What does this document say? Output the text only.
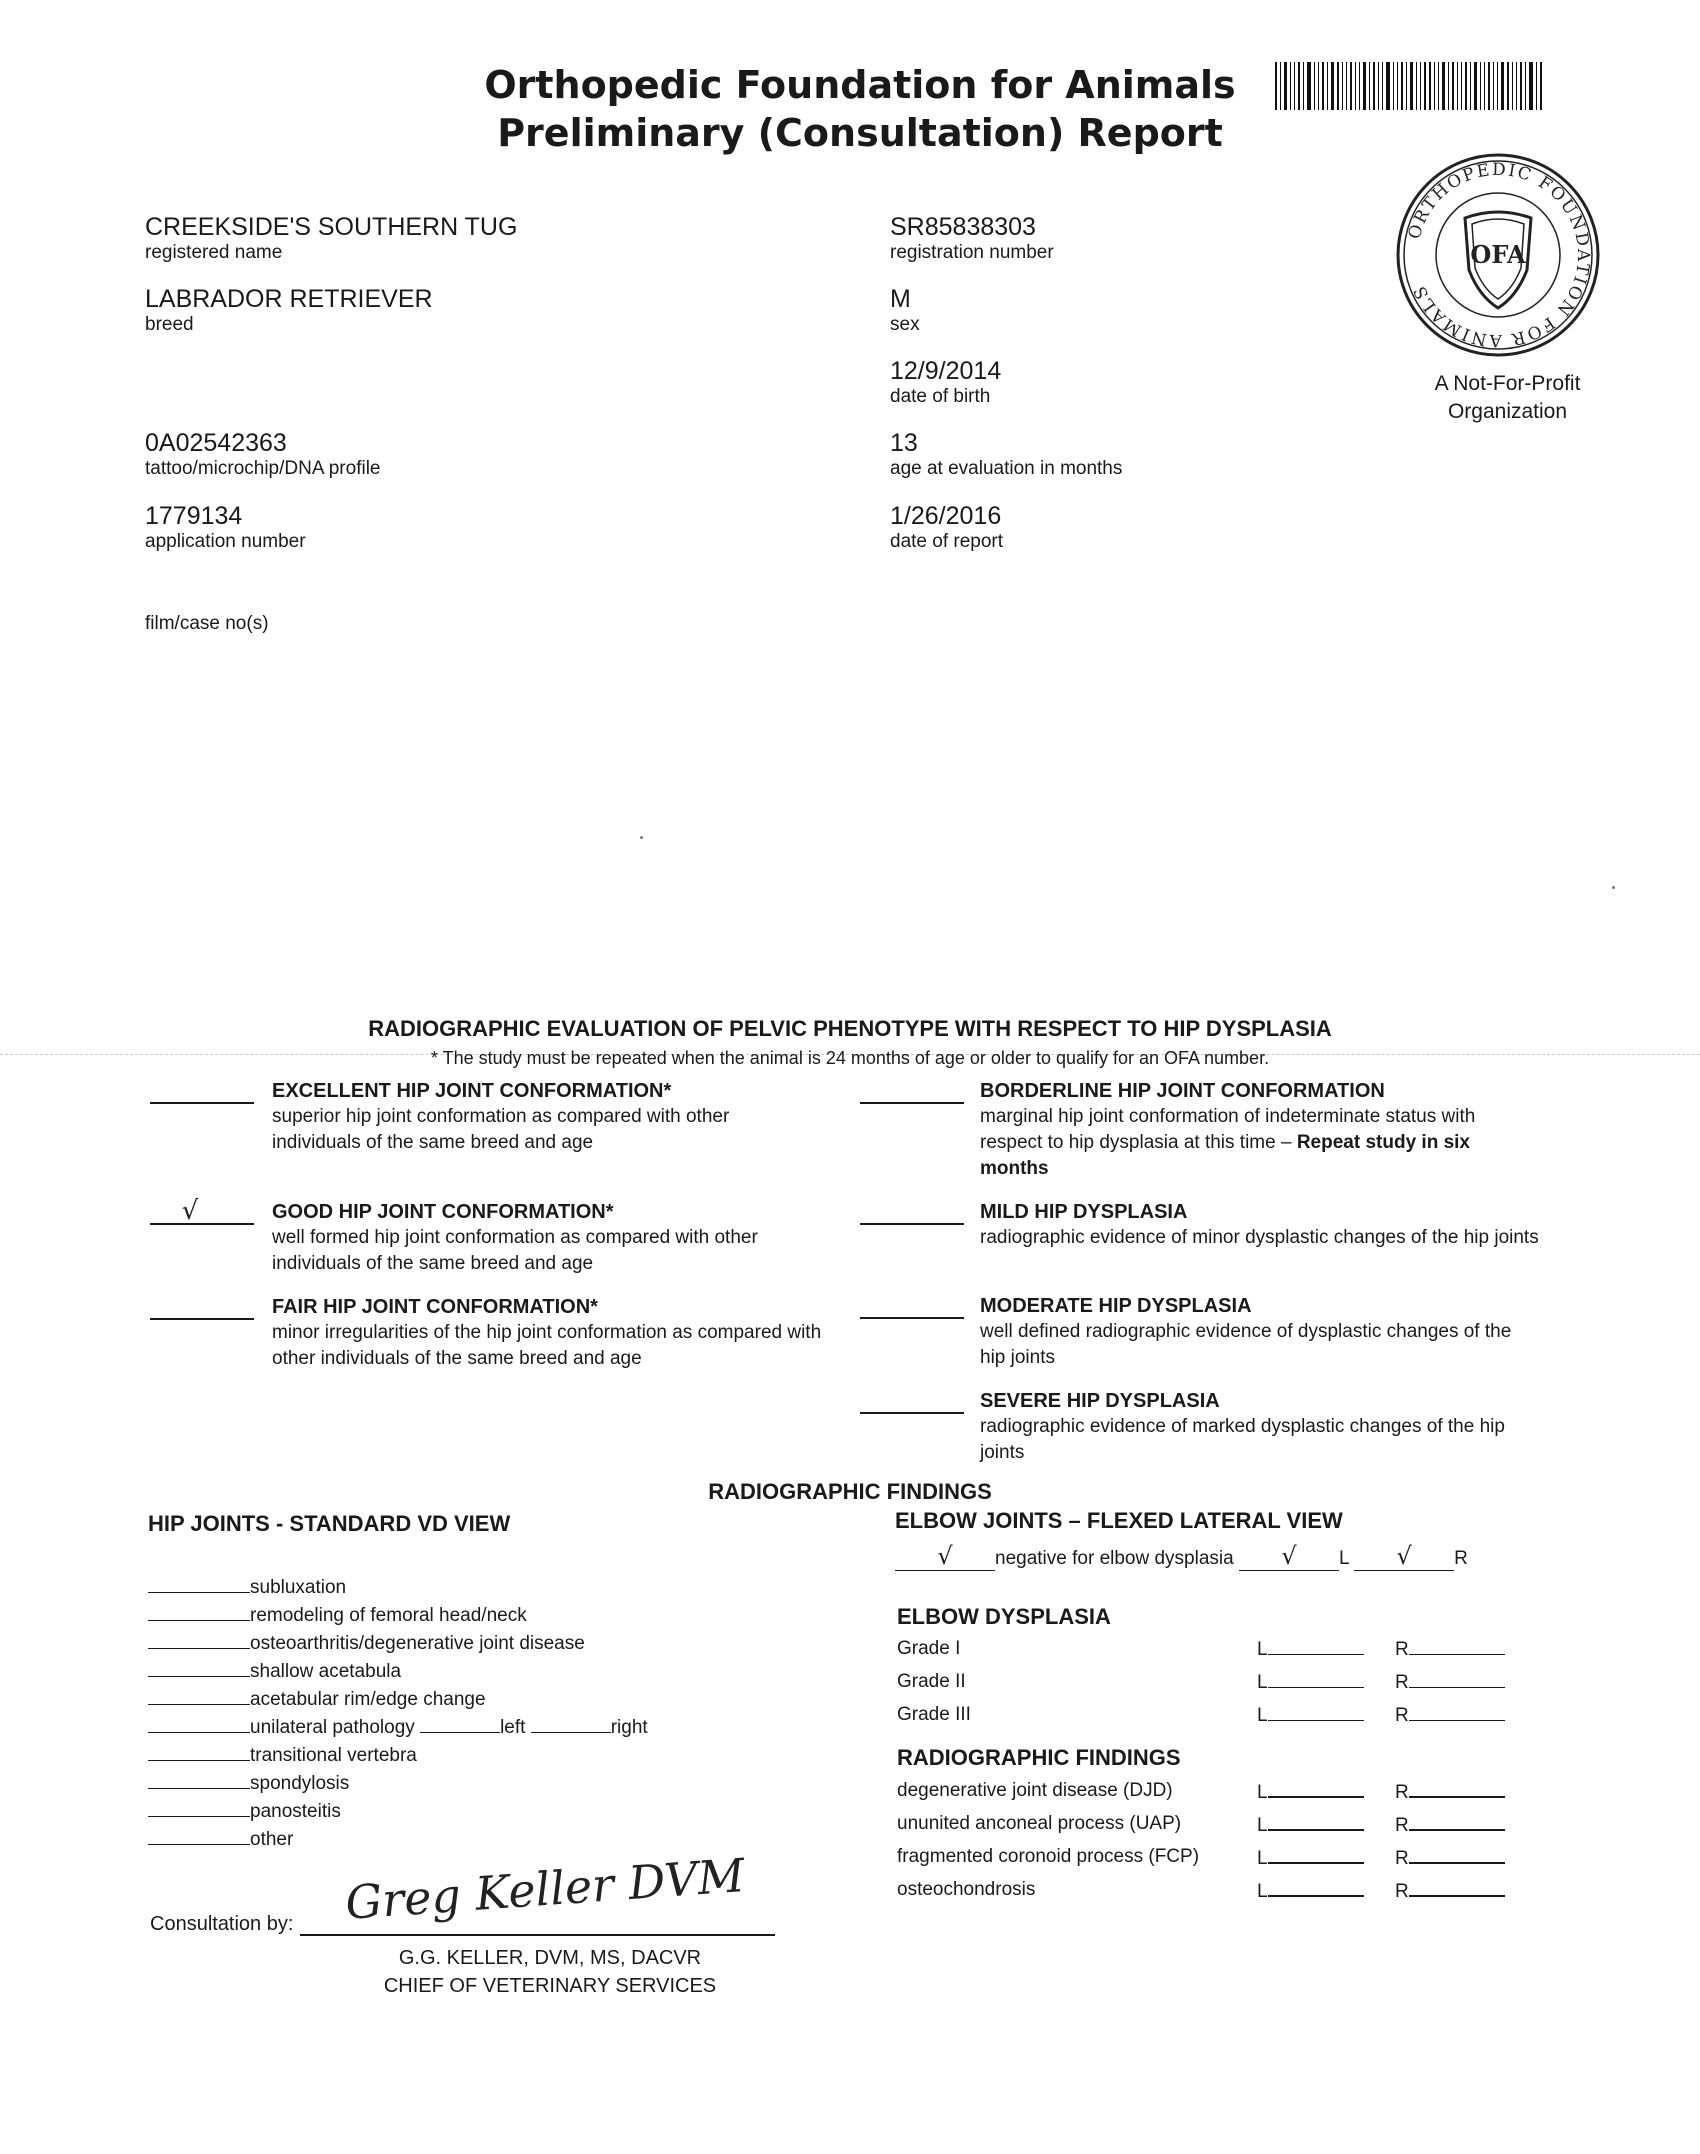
Orthopedic Foundation for Animals
Preliminary (Consultation) Report
ORTHOPEDIC FOUNDATION FOR ANIMALS
OFA
A Not-For-Profit Organization
CREEKSIDE'S SOUTHERN TUG
registered name
SR85838303
registration number
LABRADOR RETRIEVER
breed
M
sex
12/9/2014
date of birth
0A02542363
tattoo/microchip/DNA profile
13
age at evaluation in months
1779134
application number
1/26/2016
date of report
film/case no(s)
RADIOGRAPHIC EVALUATION OF PELVIC PHENOTYPE WITH RESPECT TO HIP DYSPLASIA
* The study must be repeated when the animal is 24 months of age or older to qualify for an OFA number.
EXCELLENT HIP JOINT CONFORMATION*
superior hip joint conformation as compared with other individuals of the same breed and age
√	GOOD HIP JOINT CONFORMATION*
well formed hip joint conformation as compared with other individuals of the same breed and age
FAIR HIP JOINT CONFORMATION*
minor irregularities of the hip joint conformation as compared with other individuals of the same breed and age
BORDERLINE HIP JOINT CONFORMATION
marginal hip joint conformation of indeterminate status with respect to hip dysplasia at this time – Repeat study in six months
MILD HIP DYSPLASIA
radiographic evidence of minor dysplastic changes of the hip joints
MODERATE HIP DYSPLASIA
well defined radiographic evidence of dysplastic changes of the hip joints
SEVERE HIP DYSPLASIA
radiographic evidence of marked dysplastic changes of the hip joints
RADIOGRAPHIC FINDINGS
HIP JOINTS - STANDARD VD VIEW
subluxation
remodeling of femoral head/neck
osteoarthritis/degenerative joint disease
shallow acetabula
acetabular rim/edge change
unilateral pathology	left	right
transitional vertebra
spondylosis
panosteitis
other
ELBOW JOINTS – FLEXED LATERAL VIEW
√ negative for elbow dysplasia √ L √ R
ELBOW DYSPLASIA
Grade I	L	R
Grade II	L	R
Grade III	L	R
RADIOGRAPHIC FINDINGS
degenerative joint disease (DJD)	L	R
ununited anconeal process (UAP)	L	R
fragmented coronoid process (FCP)	L	R
osteochondrosis	L	R
Consultation by: Greg Keller DVM
G.G. KELLER, DVM, MS, DACVR
CHIEF OF VETERINARY SERVICES
